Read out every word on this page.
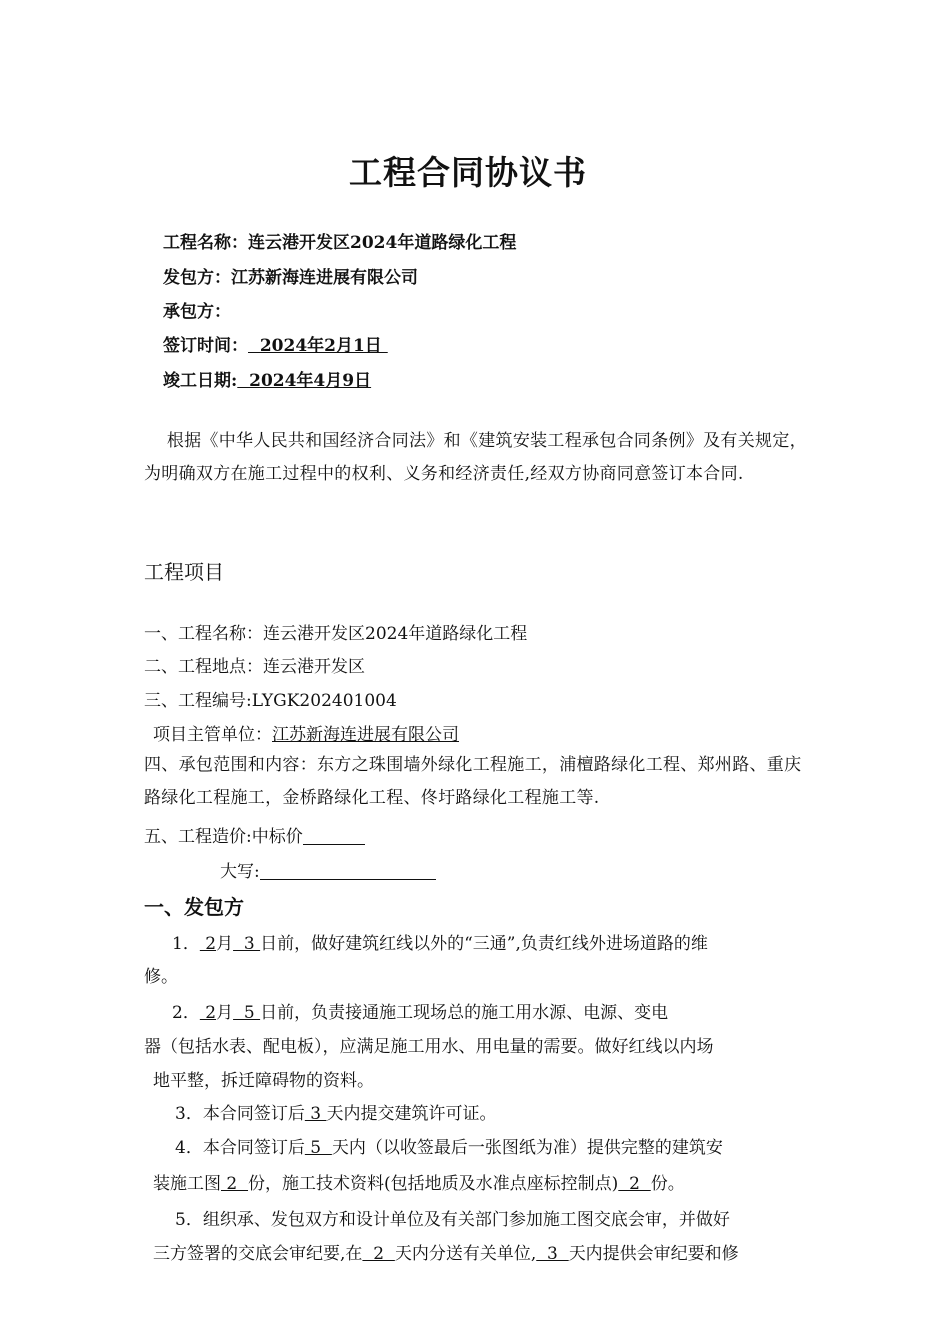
工程合同协议书
工程名称：连云港开发区2024年道路绿化工程
发包方：江苏新海连进展有限公司
承包方：
签订时间：  2024年2月1日
竣工日期:  2024年4月9日
根据《中华人民共和国经济合同法》和《建筑安装工程承包合同条例》及有关规定，为明确双方在施工过程中的权利、义务和经济责任,经双方协商同意签订本合同.
工程项目
一、工程名称：连云港开发区2024年道路绿化工程
二、工程地点：连云港开发区
三、工程编号:LYGK202401004
项目主管单位：江苏新海连进展有限公司
四、承包范围和内容：东方之珠围墙外绿化工程施工，浦檀路绿化工程、郑州路、重庆路绿化工程施工，金桥路绿化工程、佟圩路绿化工程施工等.
五、工程造价:中标价
大写:
一、发包方
1． 2月  3 日前，做好建筑红线以外的“三通”,负责红线外进场道路的维
修。
2． 2月  5 日前，负责接通施工现场总的施工用水源、电源、变电
器（包括水表、配电板），应满足施工用水、用电量的需要。做好红线以内场
地平整，拆迁障碍物的资料。
3．本合同签订后 3 天内提交建筑许可证。
4．本合同签订后 5  天内（以收签最后一张图纸为准）提供完整的建筑安
装施工图 2  份，施工技术资料(包括地质及水准点座标控制点)  2  份。
5．组织承、发包双方和设计单位及有关部门参加施工图交底会审，并做好
三方签署的交底会审纪要,在  2  天内分送有关单位,  3  天内提供会审纪要和修
